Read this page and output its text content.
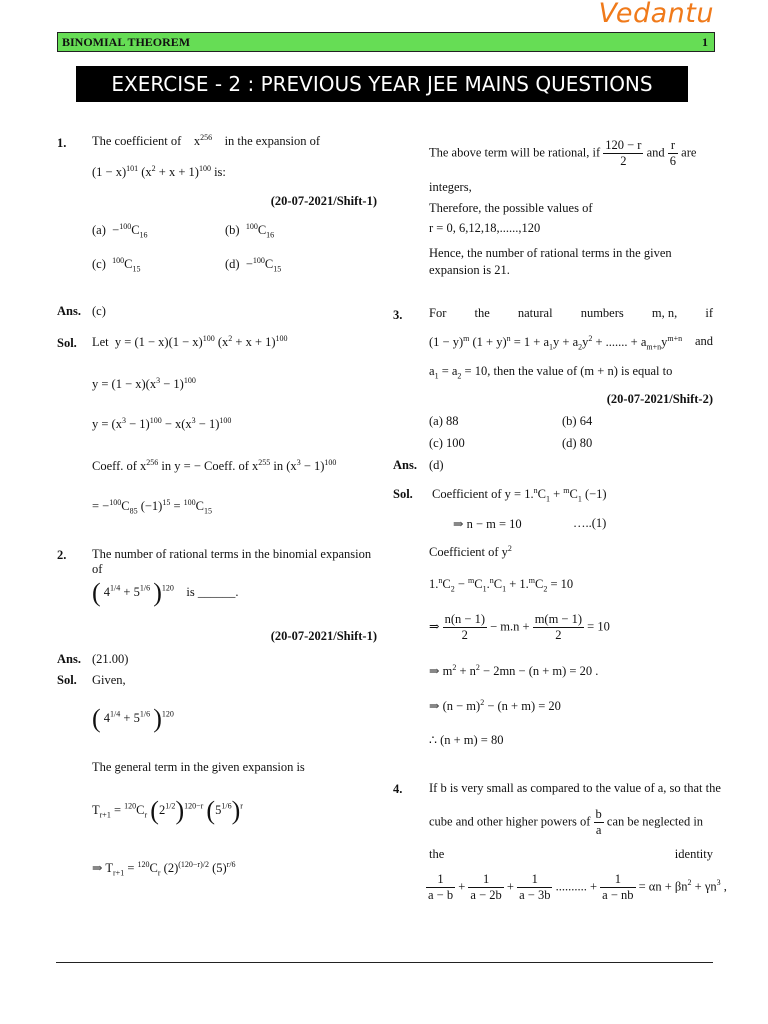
Vedantu
BINOMIAL THEOREM	1
EXERCISE - 2 : PREVIOUS YEAR JEE MAINS QUESTIONS
1. The coefficient of    $x^{256}$ in the expansion of
$(1 - x)^{101}$ $(x^2 + x + 1)^{100}$ is:
(20-07-2021/Shift-1)
$(a) -^{100}C_{16}$	(b) $^{100}C_{16}$
(c) $^{100}C_{15}$	$(d) -^{100}C_{15}$
Ans. (c)
Sol. Let  $y = (1 - x)(1 - x)^{100}$ $(x^2 + x + 1)^{100}$
$y = (1 - x)(x^3 - 1)^{100}$
$y = (x^3 - 1)^{100} - x(x^3 - 1)^{100}$
Coeff. of $x^{256}$ in y = − Coeff. of $x^{255}$ in $(x^3 - 1)^{100}$
= $-^{100}C_{85}$ $(-1)^{15} = ^{100}C_{15}$
2. The number of rational terms in the binomial expansion of
( $4^{1/4} + 5^{1/6}$ )$^{120}$ is ______.
(20-07-2021/Shift-1)
Ans. (21.00)
Sol. Given,
( $4^{1/4} + 5^{1/6}$ )$^{120}$
The general term in the given expansion is
$T_{r+1} = ^{120}C_r$ $(2^{1/2})^{120-r}$ $(5^{1/6})^r$
⇒ $T_{r+1} = ^{120}C_r$ $(2)^{(120-r)/2}$ $(5)^{r/6}$
The above term will be rational, if $\frac{120 - r}{2}$ and $\frac{r}{6}$ are
integers,
Therefore, the possible values of
r = 0, 6,12,18,......,120
Hence, the number of rational terms in the given
expansion is 21.
3. For the natural numbers m, n, if
$(1 - y)^m$ $(1 + y)^n = 1 + a_1y + a_2y^2$ + ....... + $a_{m+n}y^{m+n}$ and
$a_1 = a_2 = 10$, then the value of (m + n) is equal to
(20-07-2021/Shift-2)
(a) 88	(b) 64
(c) 100	(d) 80
Ans. (d)
Sol. Coefficient of $y = 1.^nC_1 + ^mC_1$ (−1)
⇒ n − m = 10	…..(1)
Coefficient of $y^2$
$1.^nC_2 - ^mC_1.^nC_1 + 1.^mC_2 = 10$
⇒ $\frac{n(n - 1)}{2} - m.n + \frac{m(m - 1)}{2} = 10$
⇒ $m^2 + n^2 - 2mn - (n + m) = 20$ .
⇒ $(n - m)^2 - (n + m) = 20$
∴ (n + m) = 80
4. If b is very small as compared to the value of a, so that the
cube and other higher powers of $\frac{b}{a}$ can be neglected in
the	identity
$\frac{1}{a - b} + \frac{1}{a - 2b} + \frac{1}{a - 3b}$ .......... + $\frac{1}{a - nb} = \alpha n + \beta n^2 + \gamma n^3$ ,
